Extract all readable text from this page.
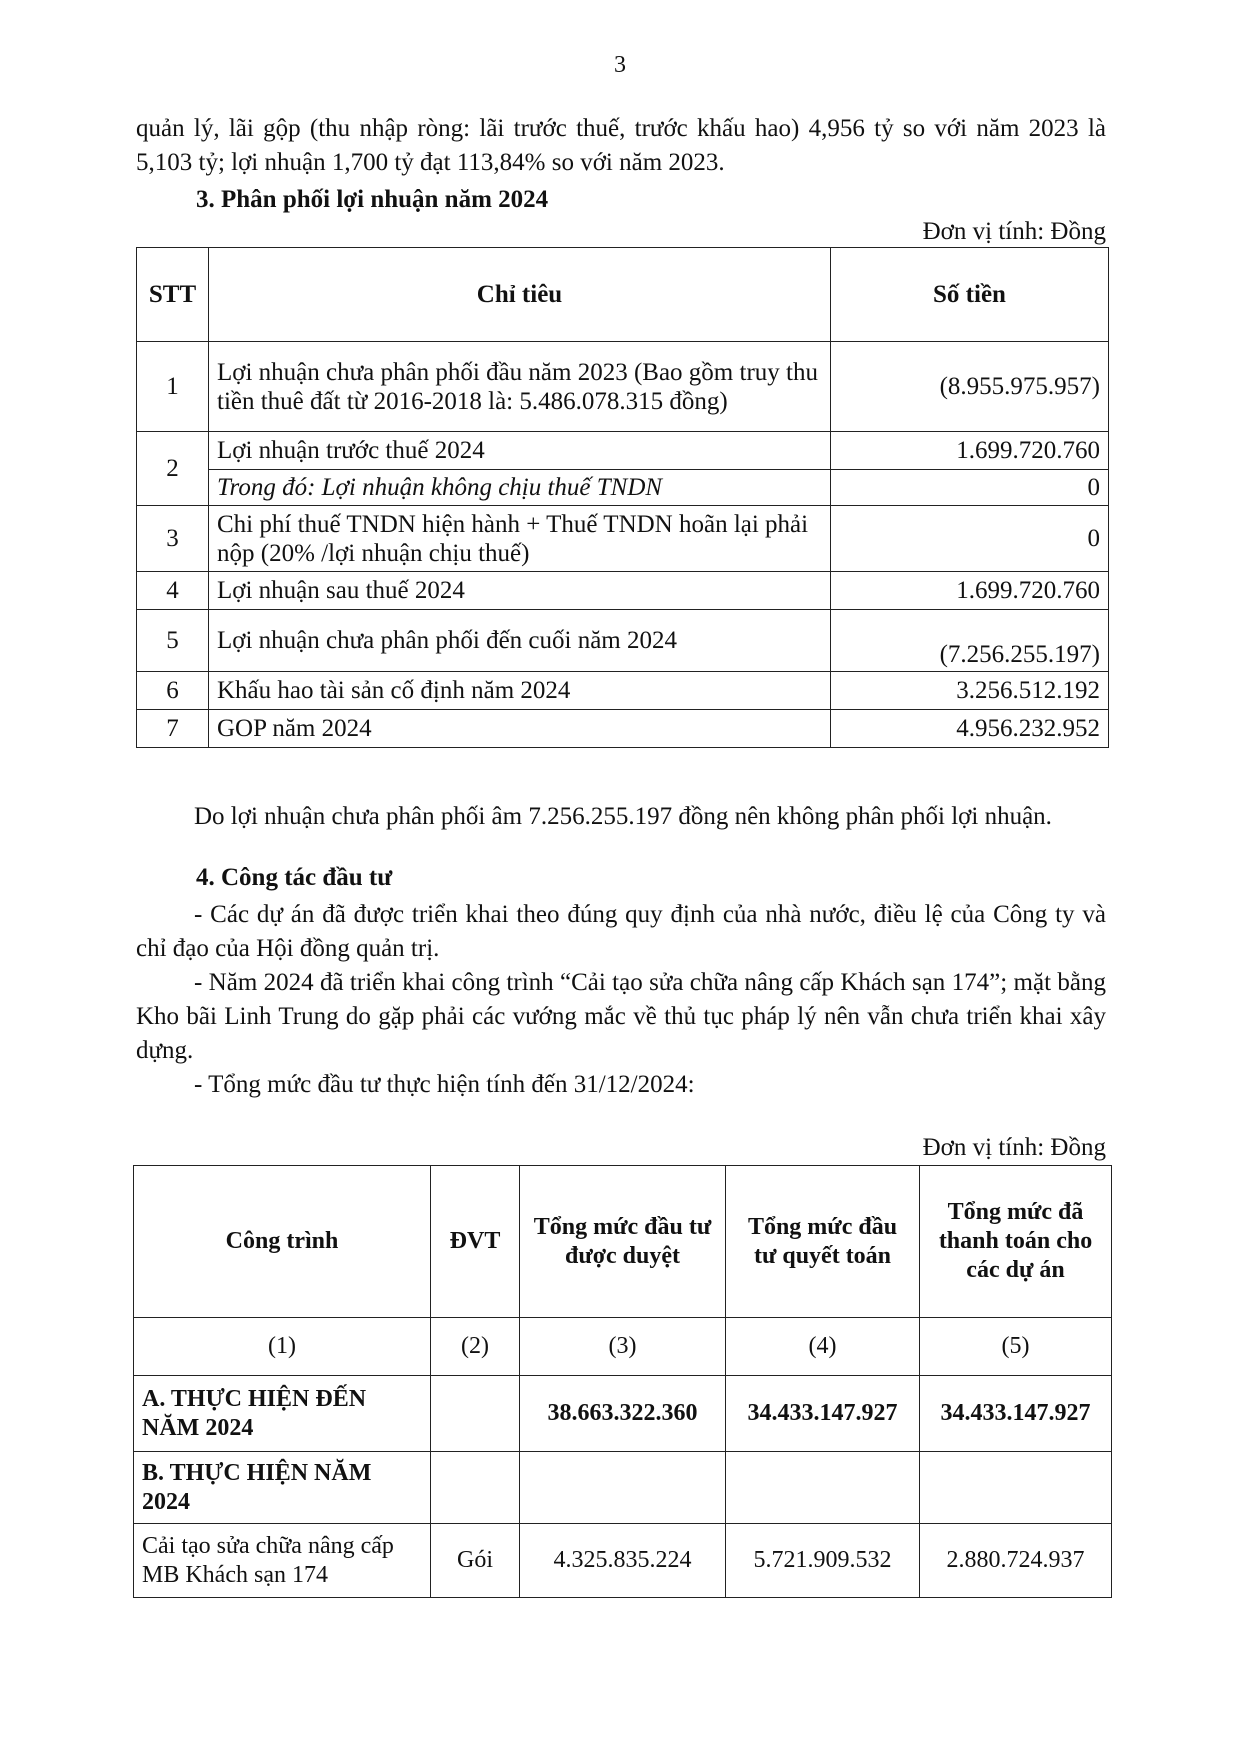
3
quản lý, lãi gộp (thu nhập ròng: lãi trước thuế, trước khấu hao) 4,956 tỷ so với năm 2023 là 5,103 tỷ; lợi nhuận 1,700 tỷ đạt 113,84% so với năm 2023.
3. Phân phối lợi nhuận năm 2024
Đơn vị tính: Đồng
STT	Chỉ tiêu	Số tiền
1	Lợi nhuận chưa phân phối đầu năm 2023 (Bao gồm truy thu tiền thuê đất từ 2016-2018 là: 5.486.078.315 đồng)	(8.955.975.957)
2	Lợi nhuận trước thuế 2024	1.699.720.760
	Trong đó: Lợi nhuận không chịu thuế TNDN	0
3	Chi phí thuế TNDN hiện hành + Thuế TNDN hoãn lại phải nộp (20% /lợi nhuận chịu thuế)	0
4	Lợi nhuận sau thuế 2024	1.699.720.760
5	Lợi nhuận chưa phân phối đến cuối năm 2024	(7.256.255.197)
6	Khấu hao tài sản cố định năm 2024	3.256.512.192
7	GOP năm 2024	4.956.232.952
Do lợi nhuận chưa phân phối âm 7.256.255.197 đồng nên không phân phối lợi nhuận.
4. Công tác đầu tư
- Các dự án đã được triển khai theo đúng quy định của nhà nước, điều lệ của Công ty và chỉ đạo của Hội đồng quản trị.
- Năm 2024 đã triển khai công trình “Cải tạo sửa chữa nâng cấp Khách sạn 174”; mặt bằng Kho bãi Linh Trung do gặp phải các vướng mắc về thủ tục pháp lý nên vẫn chưa triển khai xây dựng.
- Tổng mức đầu tư thực hiện tính đến 31/12/2024:
Đơn vị tính: Đồng
Công trình	ĐVT	Tổng mức đầu tư được duyệt	Tổng mức đầu tư quyết toán	Tổng mức đã thanh toán cho các dự án
(1)	(2)	(3)	(4)	(5)
A. THỰC HIỆN ĐẾN NĂM 2024		38.663.322.360	34.433.147.927	34.433.147.927
B. THỰC HIỆN NĂM 2024				
Cải tạo sửa chữa nâng cấp MB Khách sạn 174	Gói	4.325.835.224	5.721.909.532	2.880.724.937
